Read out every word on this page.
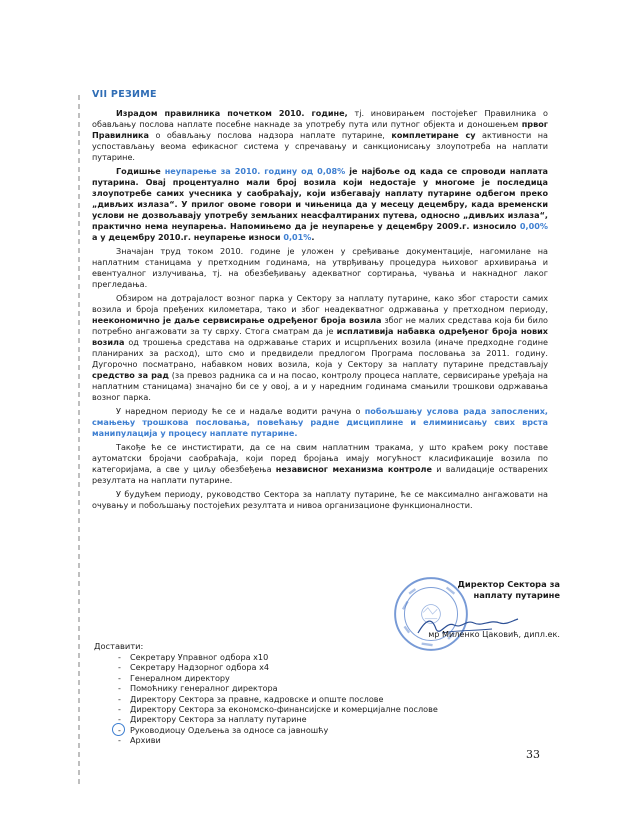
VII РЕЗИМЕ

Израдом правилника почетком 2010. године, тј. иновирањем постојећег Правилника о обављању послова наплате посебне накнаде за употребу пута или путног објекта и доношењем првог Правилника о обављању послова надзора наплате путарине, комплетиране су активности на успостављању веома ефикасног система у спречавању и санкционисању злоупотреба на наплати путарине.

Годишње неупарење за 2010. годину од 0,08% је најбоље од када се спроводи наплата путарина. Овај процентуално мали број возила који недостаје у многоме је последица злоупотребе самих учесника у саобраћају, који избегавају наплату путарине одбегом преко „дивљих излаза“. У прилог овоме говори и чињеница да у месецу децембру, када временски услови не дозвољавају употребу земљаних неасфалтираних путева, односно „дивљих излаза“, практично нема неупарења. Напомињемо да је неупарење у децембру 2009.г. износило 0,00% а у децембру 2010.г. неупарење износи 0,01%.

Значајан труд током 2010. године је уложен у сређивање документације, нагомилане на наплатним станицама у претходним годинама, на утврђивању процедура њиховог архивирања и евентуалног излучивања, тј. на обезбеђивању адекватног сортирања, чувања и накнадног лаког прегледања.

Обзиром на дотрајалост возног парка у Сектору за наплату путарине, како због старости самих возила и броја пређених километара, тако и због неадекватног одржавања у претходном периоду, неекономично је даље сервисирање одређеног броја возила због не малих средстава која би било потребно ангажовати за ту сврху. Стога сматрам да је исплативија набавка одређеног броја нових возила од трошења средстава на одржавање старих и исцрпљених возила (иначе предходне године планираних за расход), што смо и предвидели предлогом Програма пословања за 2011. годину. Дугорочно посматрано, набавком нових возила, која у Сектору за наплату путарине представљају средство за рад (за превоз радника са и на посао, контролу процеса наплате, сервисирање уређаја на наплатним станицама) значајно би се у овој, а и у наредним годинама смањили трошкови одржавања возног парка.

У наредном периоду ће се и надаље водити рачуна о побољшању услова рада запослених, смањењу трошкова пословања, повећању радне дисциплине и елиминисању свих врста манипулација у процесу наплате путарине.

Такође ће се инстистирати, да се на свим наплатним тракама, у што краћем року поставе аутоматски бројачи саобраћаја, који поред бројања имају могућност класификације возила по категоријама, а све у циљу обезбеђења независног механизма контроле и валидације остварених резултата на наплати путарине.

У будућем периоду, руководство Сектора за наплату путарине, ће се максимално ангажовати на очувању и побољшању постојећих резултата и нивоа организационе функционалности.

Директор Сектора за
наплату путарине
мр Миленко Цаковић, дипл.ек.
Доставити:
- Секретару Управног одбора x10
- Секретару Надзорног одбора x4
- Генералном директору
- Помоћнику генералног директора
- Директору Сектора за правне, кадровске и опште послове
- Директору Сектора за економско-финансијске и комерцијалне послове
- Директору Сектора за наплату путарине
- Руководиоцу Одељења за односе са јавношћу
- Архиви
33
